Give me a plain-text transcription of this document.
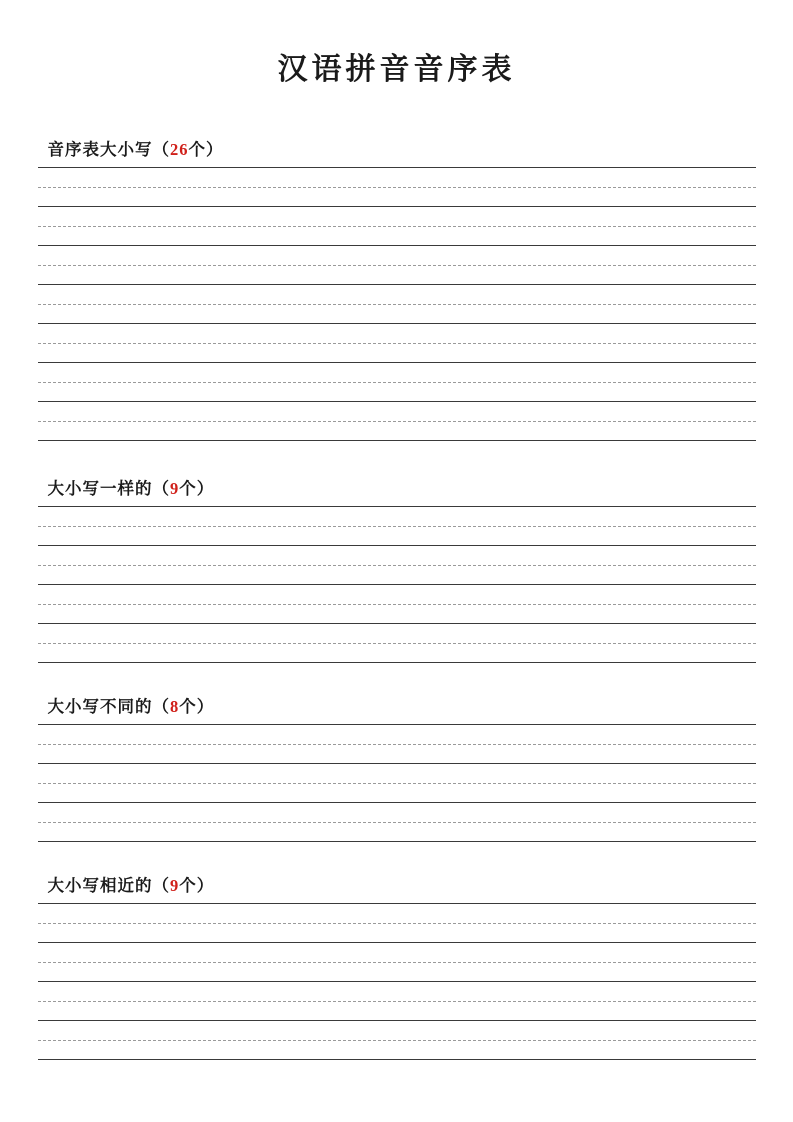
汉语拼音音序表
音序表大小写（26个）
大小写一样的（9个）
大小写不同的（8个）
大小写相近的（9个）
